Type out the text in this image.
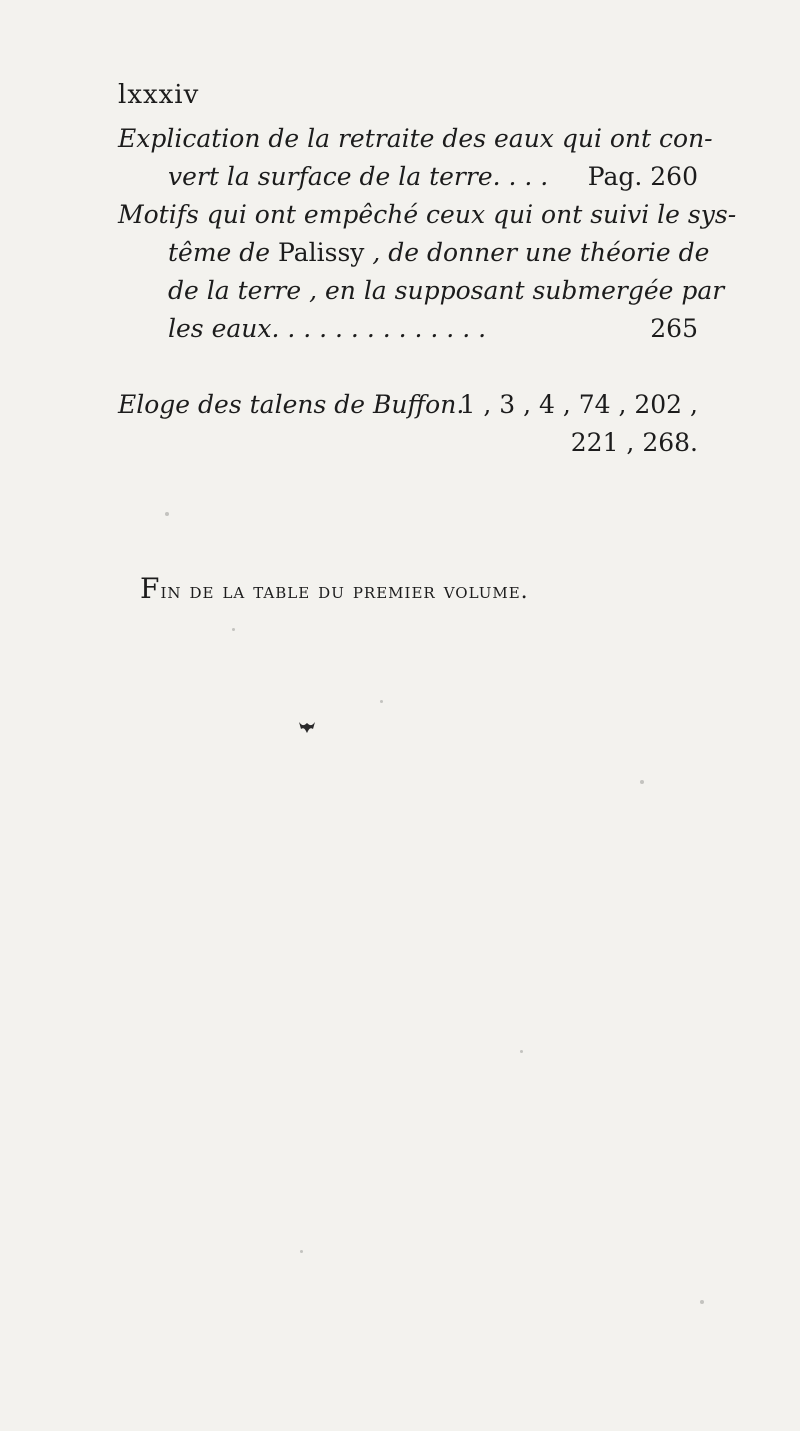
lxxxiv
Explication de la retraite des eaux qui ont con-
vert la surface de la terre. . . . Pag. 260
Motifs qui ont empêché ceux qui ont suivi le sys-
tême de Palissy , de donner une théorie de
de la terre , en la supposant submergée par
les eaux. . . . . . . . . . . . . .	265
Eloge des talens de Buffon.
1 , 3 , 4 , 74 , 202 ,
221 , 268.
Fin de la table du premier volume.
